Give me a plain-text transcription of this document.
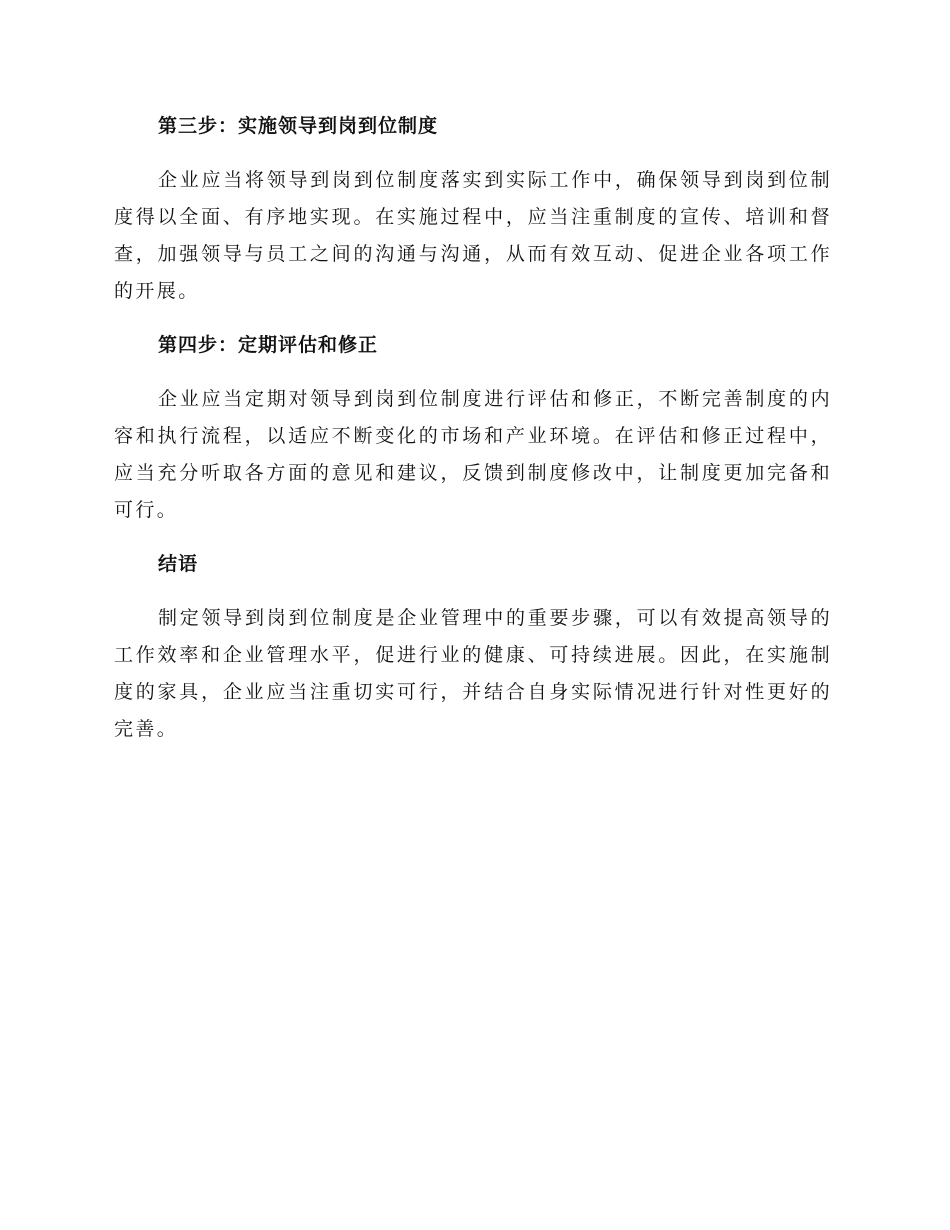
第三步：实施领导到岗到位制度

企业应当将领导到岗到位制度落实到实际工作中，确保领导到岗到位制度得以全面、有序地实现。在实施过程中，应当注重制度的宣传、培训和督查，加强领导与员工之间的沟通与沟通，从而有效互动、促进企业各项工作的开展。

第四步：定期评估和修正

企业应当定期对领导到岗到位制度进行评估和修正，不断完善制度的内容和执行流程，以适应不断变化的市场和产业环境。在评估和修正过程中，应当充分听取各方面的意见和建议，反馈到制度修改中，让制度更加完备和可行。

结语

制定领导到岗到位制度是企业管理中的重要步骤，可以有效提高领导的工作效率和企业管理水平，促进行业的健康、可持续进展。因此，在实施制度的家具，企业应当注重切实可行，并结合自身实际情况进行针对性更好的完善。
